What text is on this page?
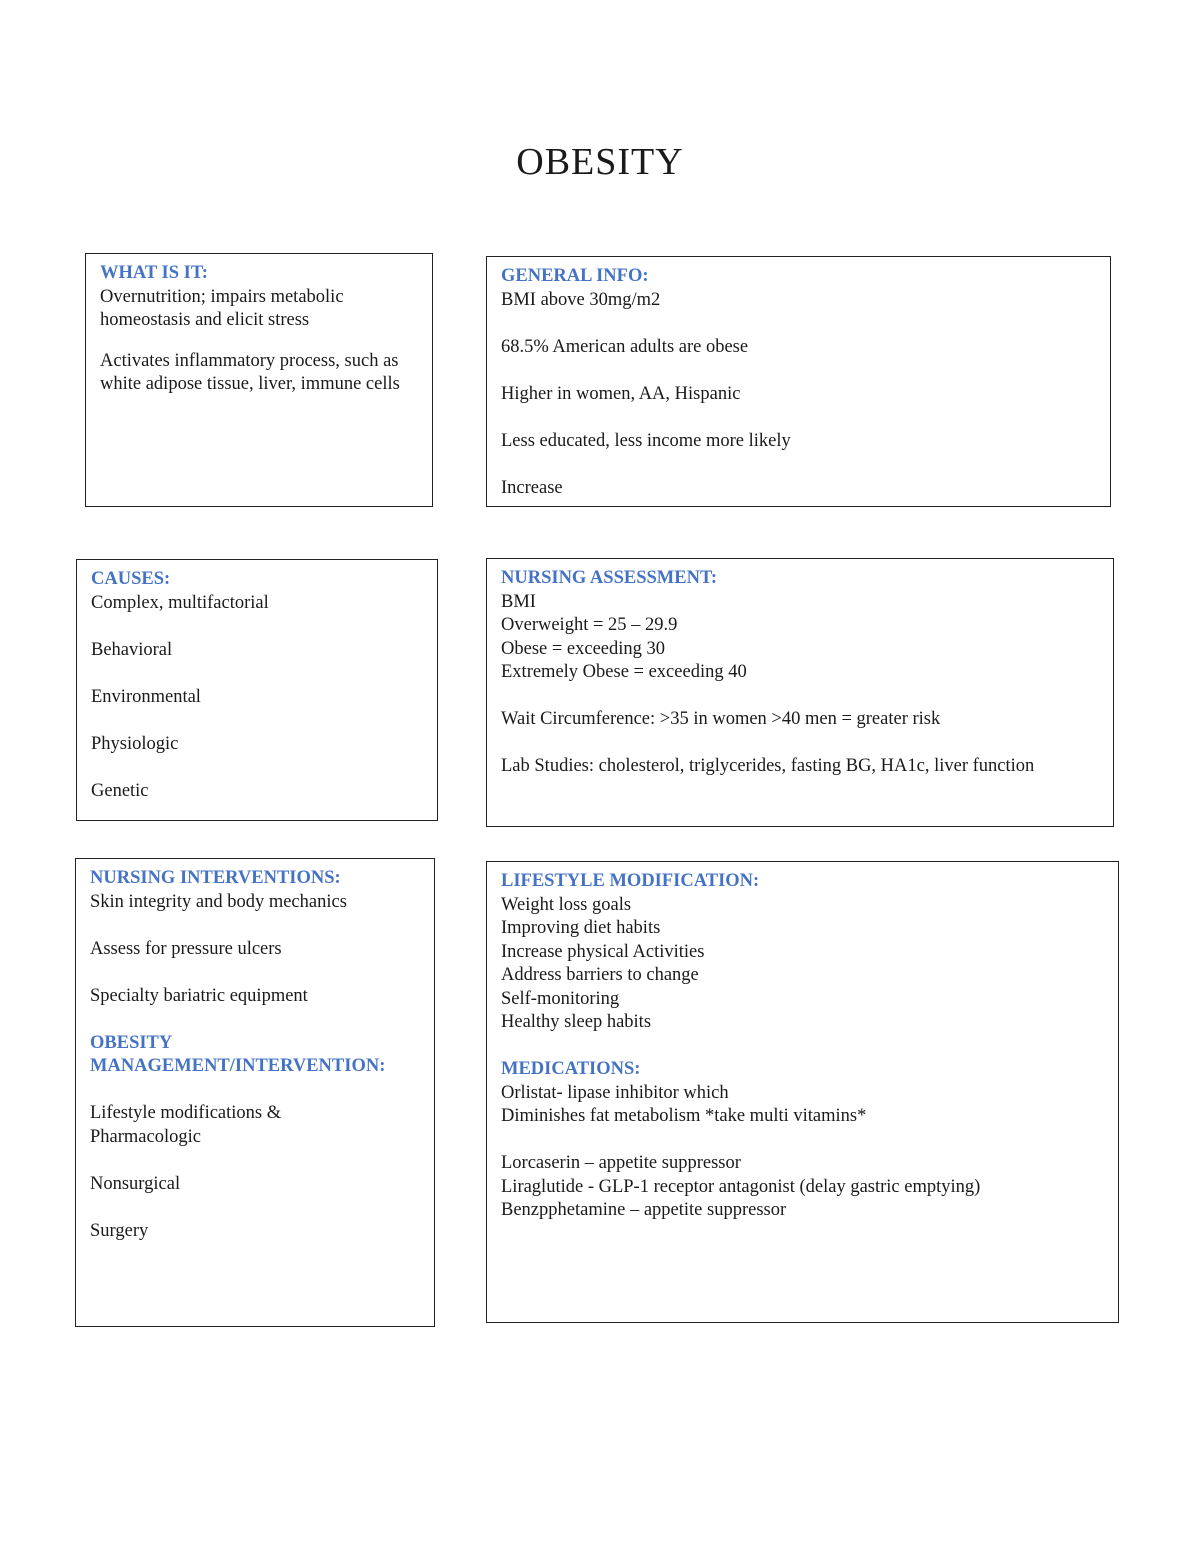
OBESITY
WHAT IS IT:
Overnutrition; impairs metabolic homeostasis and elicit stress
Activates inflammatory process, such as white adipose tissue, liver, immune cells
GENERAL INFO:
BMI above 30mg/m2
68.5% American adults are obese
Higher in women, AA, Hispanic
Less educated, less income more likely
Increase
CAUSES:
Complex, multifactorial
Behavioral
Environmental
Physiologic
Genetic
NURSING ASSESSMENT:
BMI
Overweight = 25 – 29.9
Obese = exceeding 30
Extremely Obese = exceeding 40
Wait Circumference: >35 in women >40 men = greater risk
Lab Studies: cholesterol, triglycerides, fasting BG, HA1c, liver function
NURSING INTERVENTIONS:
Skin integrity and body mechanics
Assess for pressure ulcers
Specialty bariatric equipment
OBESITY MANAGEMENT/INTERVENTION:
Lifestyle modifications & Pharmacologic
Nonsurgical
Surgery
LIFESTYLE MODIFICATION:
Weight loss goals
Improving diet habits
Increase physical Activities
Address barriers to change
Self-monitoring
Healthy sleep habits
MEDICATIONS:
Orlistat- lipase inhibitor which
Diminishes fat metabolism *take multi vitamins*
Lorcaserin – appetite suppressor
Liraglutide - GLP-1 receptor antagonist (delay gastric emptying)
Benzpphetamine – appetite suppressor
